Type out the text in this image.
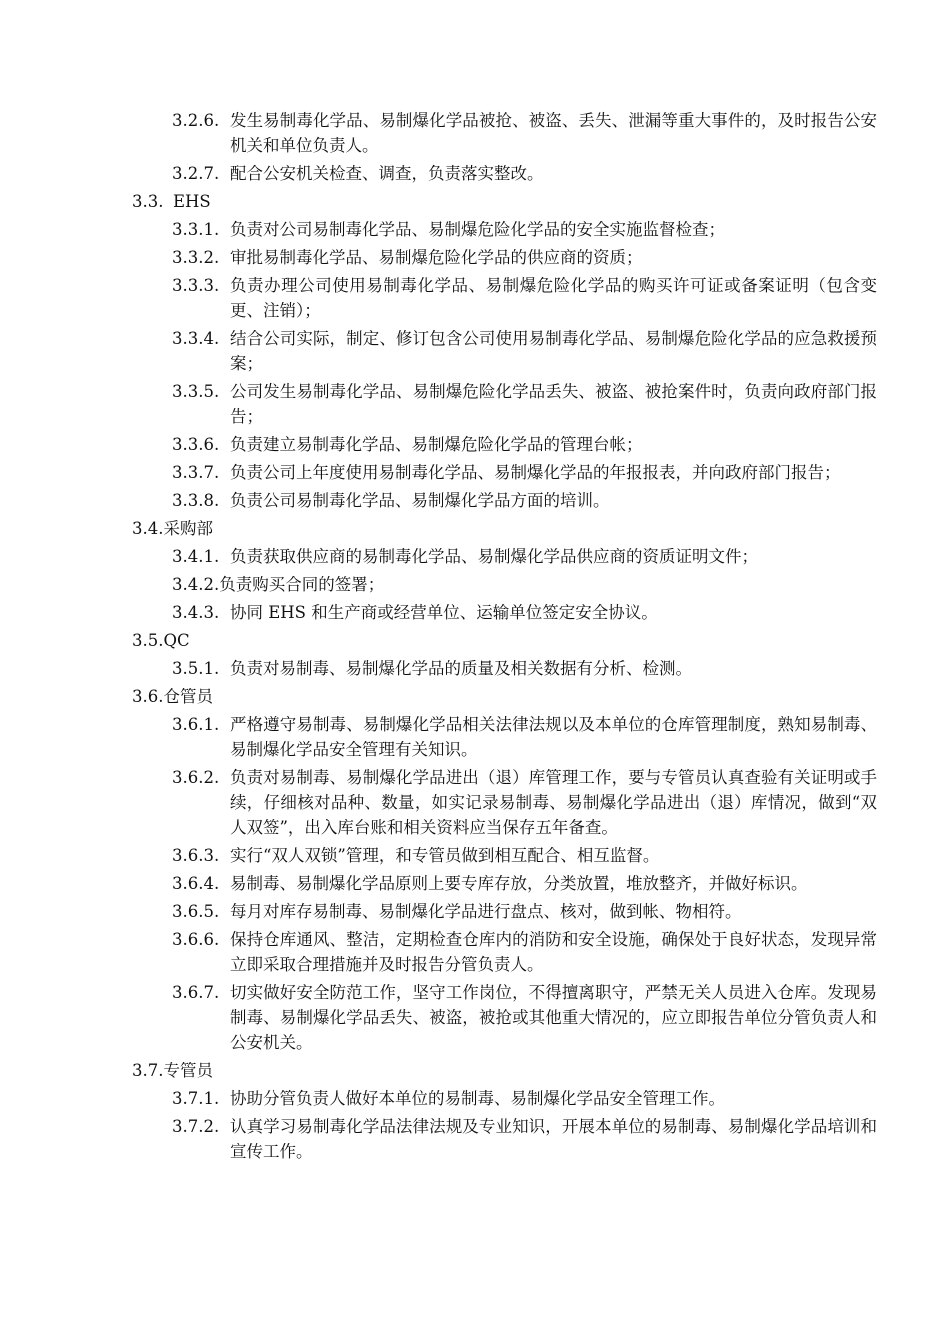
3.2.6. 发生易制毒化学品、易制爆化学品被抢、被盗、丢失、泄漏等重大事件的，及时报告公安机关和单位负责人。
3.2.7. 配合公安机关检查、调查，负责落实整改。
3.3. EHS
3.3.1. 负责对公司易制毒化学品、易制爆危险化学品的安全实施监督检查；
3.3.2. 审批易制毒化学品、易制爆危险化学品的供应商的资质；
3.3.3. 负责办理公司使用易制毒化学品、易制爆危险化学品的购买许可证或备案证明（包含变更、注销）；
3.3.4. 结合公司实际，制定、修订包含公司使用易制毒化学品、易制爆危险化学品的应急救援预案；
3.3.5. 公司发生易制毒化学品、易制爆危险化学品丢失、被盗、被抢案件时，负责向政府部门报告；
3.3.6. 负责建立易制毒化学品、易制爆危险化学品的管理台帐；
3.3.7. 负责公司上年度使用易制毒化学品、易制爆化学品的年报报表，并向政府部门报告；
3.3.8. 负责公司易制毒化学品、易制爆化学品方面的培训。
3.4. 采购部
3.4.1. 负责获取供应商的易制毒化学品、易制爆化学品供应商的资质证明文件；
3.4.2. 负责购买合同的签署；
3.4.3. 协同 EHS 和生产商或经营单位、运输单位签定安全协议。
3.5. QC
3.5.1. 负责对易制毒、易制爆化学品的质量及相关数据有分析、检测。
3.6. 仓管员
3.6.1. 严格遵守易制毒、易制爆化学品相关法律法规以及本单位的仓库管理制度，熟知易制毒、易制爆化学品安全管理有关知识。
3.6.2. 负责对易制毒、易制爆化学品进出（退）库管理工作，要与专管员认真查验有关证明或手续，仔细核对品种、数量，如实记录易制毒、易制爆化学品进出（退）库情况，做到“双人双签”，出入库台账和相关资料应当保存五年备查。
3.6.3. 实行“双人双锁”管理，和专管员做到相互配合、相互监督。
3.6.4. 易制毒、易制爆化学品原则上要专库存放，分类放置，堆放整齐，并做好标识。
3.6.5. 每月对库存易制毒、易制爆化学品进行盘点、核对，做到帐、物相符。
3.6.6. 保持仓库通风、整洁，定期检查仓库内的消防和安全设施，确保处于良好状态，发现异常立即采取合理措施并及时报告分管负责人。
3.6.7. 切实做好安全防范工作，坚守工作岗位，不得擅离职守，严禁无关人员进入仓库。发现易制毒、易制爆化学品丢失、被盗，被抢或其他重大情况的，应立即报告单位分管负责人和公安机关。
3.7. 专管员
3.7.1. 协助分管负责人做好本单位的易制毒、易制爆化学品安全管理工作。
3.7.2. 认真学习易制毒化学品法律法规及专业知识，开展本单位的易制毒、易制爆化学品培训和宣传工作。
